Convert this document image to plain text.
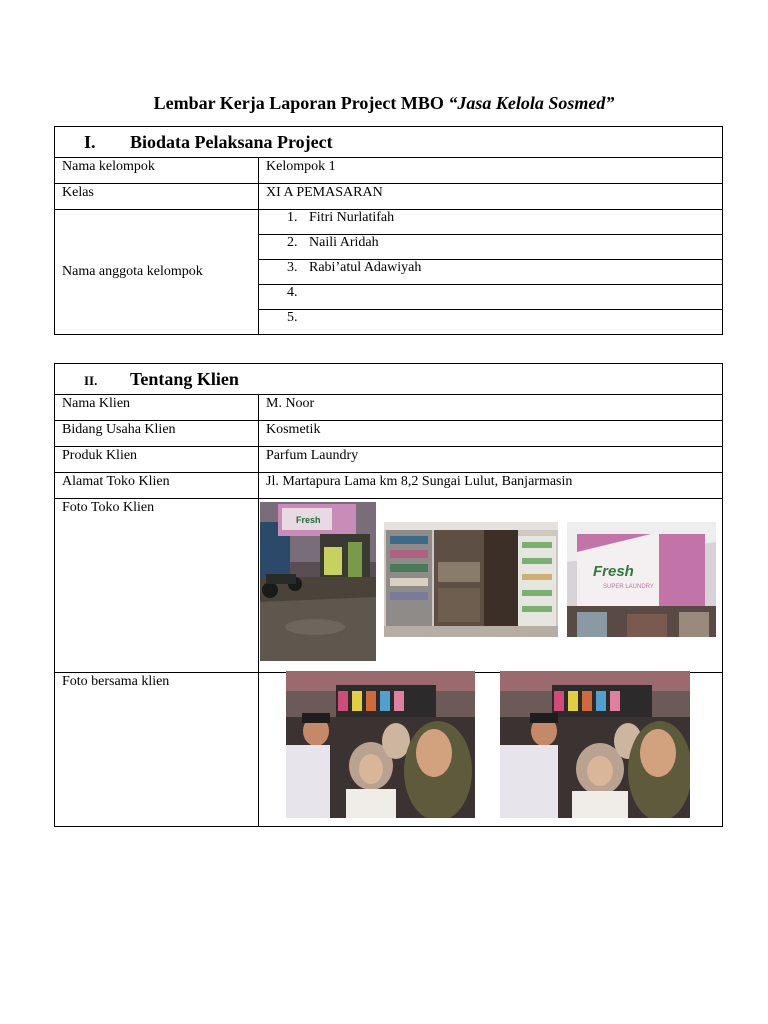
Lembar Kerja Laporan Project MBO “Jasa Kelola Sosmed”
I. Biodata Pelaksana Project	
Nama kelompok	Kelompok 1
Kelas	XI A PEMASARAN
Nama anggota kelompok	1. Fitri Nurlatifah
	2. Naili Aridah
	3. Rabi’atul Adawiyah
	4.
	5.
II. Tentang Klien	
Nama Klien	M. Noor
Bidang Usaha Klien	Kosmetik
Produk Klien	Parfum Laundry
Alamat Toko Klien	Jl. Martapura Lama km 8,2 Sungai Lulut, Banjarmasin
Foto Toko Klien	
Foto bersama klien	
Fresh
Fresh
SUPER LAUNDRY
